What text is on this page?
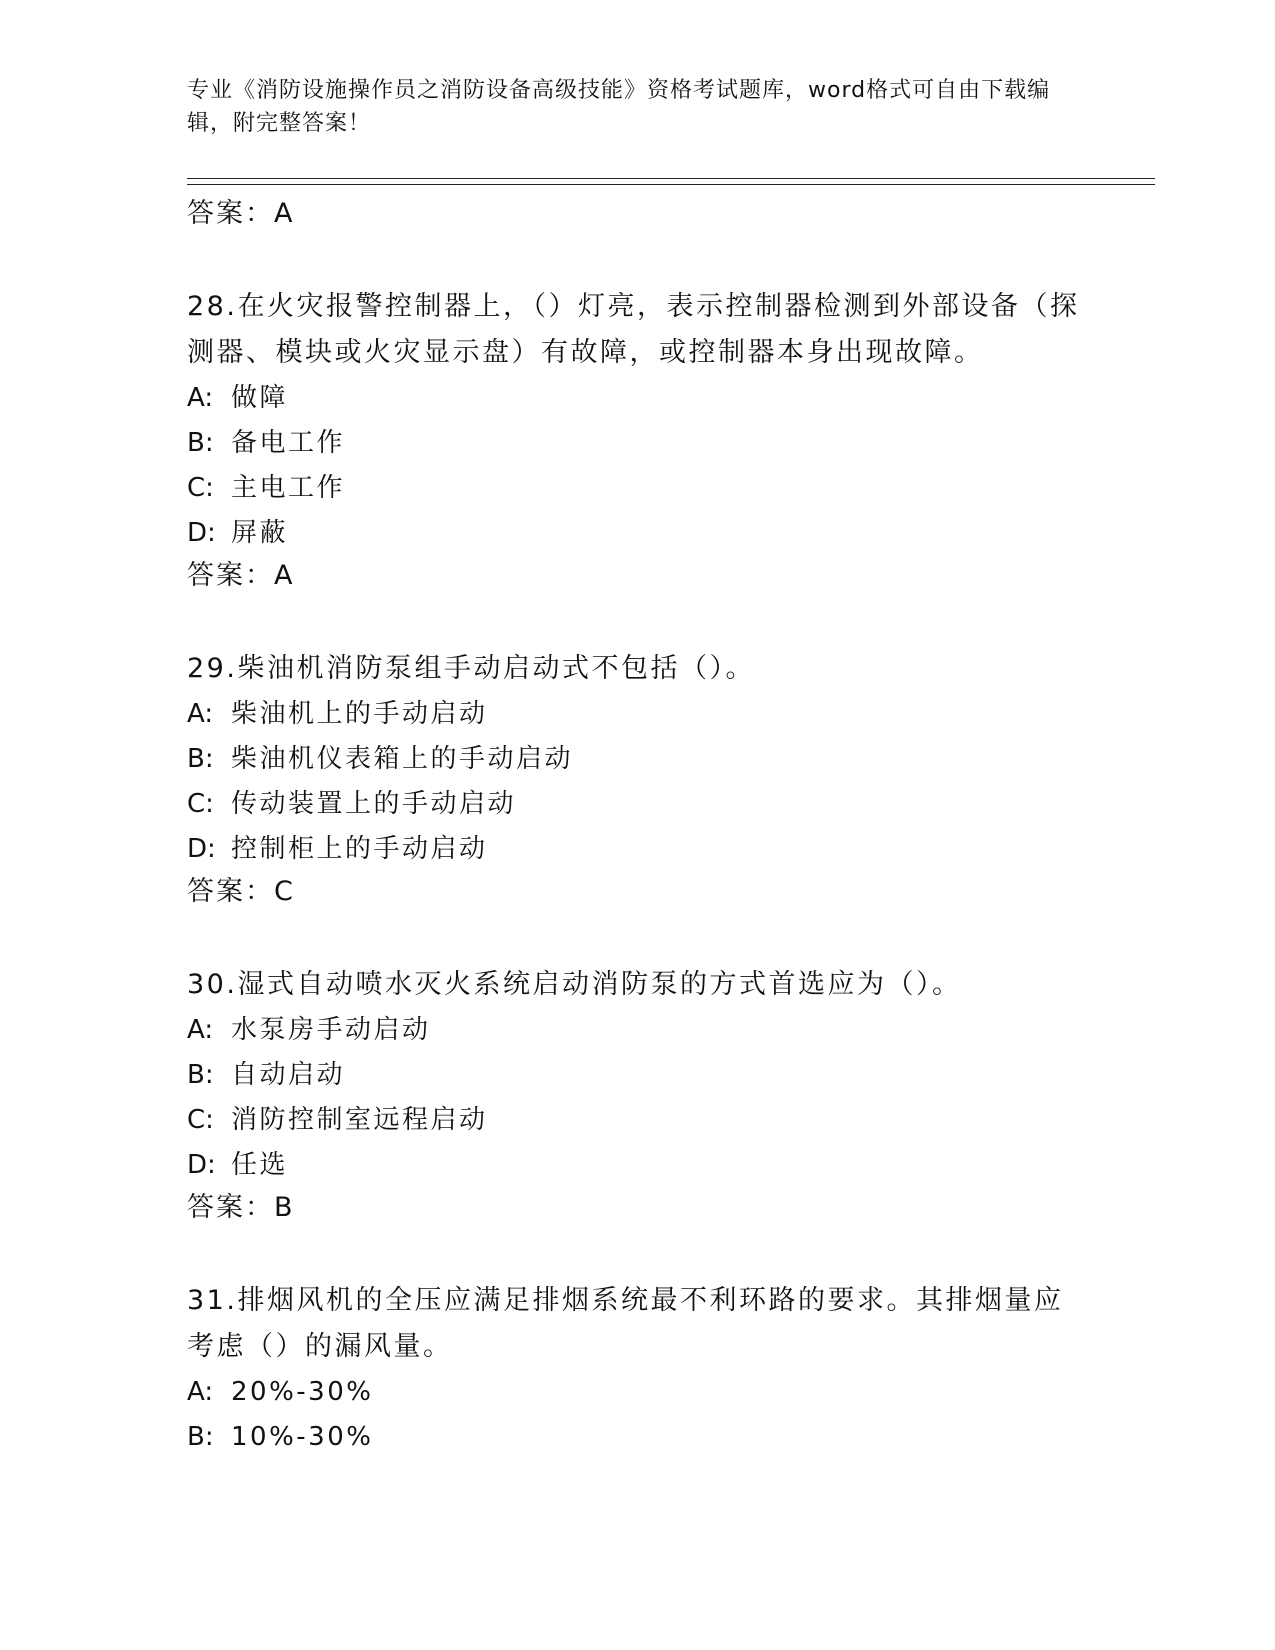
专业《消防设施操作员之消防设备高级技能》资格考试题库，word格式可自由下载编辑，附完整答案！
答案：A
28.在火灾报警控制器上，（）灯亮，表示控制器检测到外部设备（探测器、模块或火灾显示盘）有故障，或控制器本身出现故障。
A: 做障
B: 备电工作
C: 主电工作
D: 屏蔽
答案：A
29.柴油机消防泵组手动启动式不包括（）。
A: 柴油机上的手动启动
B: 柴油机仪表箱上的手动启动
C: 传动装置上的手动启动
D: 控制柜上的手动启动
答案：C
30.湿式自动喷水灭火系统启动消防泵的方式首选应为（）。
A: 水泵房手动启动
B: 自动启动
C: 消防控制室远程启动
D: 任选
答案：B
31.排烟风机的全压应满足排烟系统最不利环路的要求。其排烟量应考虑（）的漏风量。
A: 20%-30%
B: 10%-30%
